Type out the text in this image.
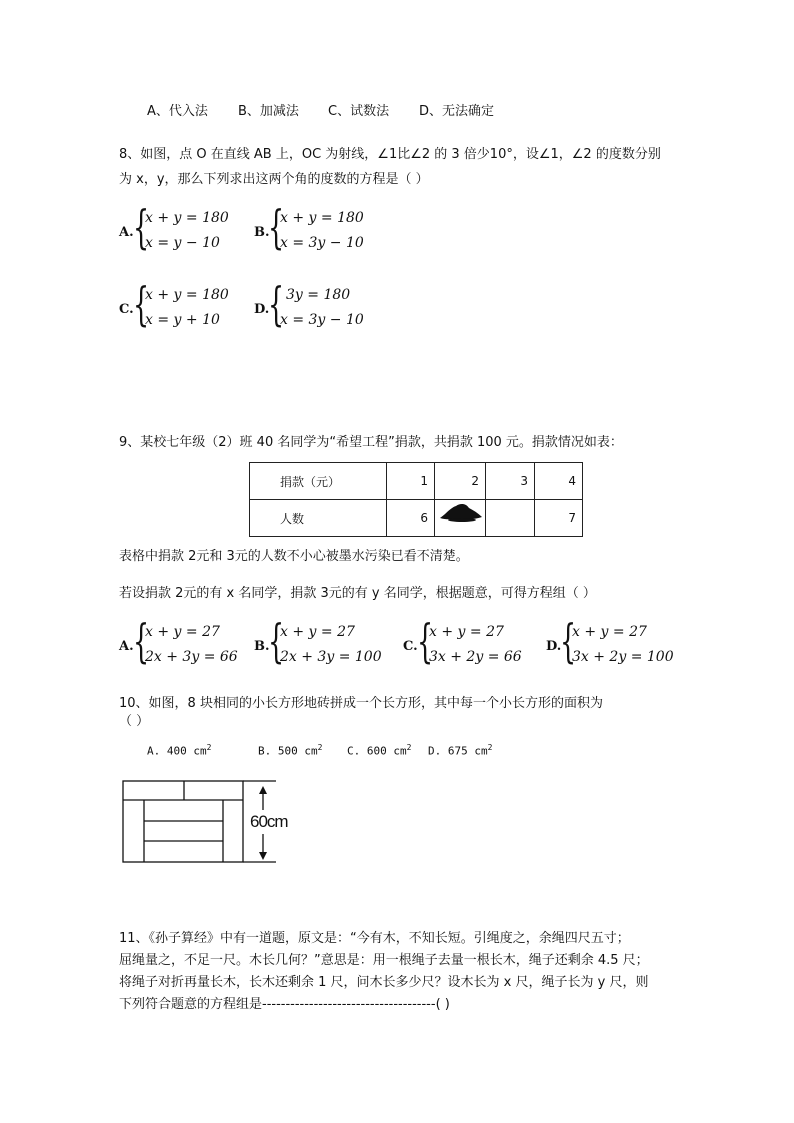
A、代入法 B、加减法 C、试数法 D、无法确定
8、如图，点 O 在直线 AB 上，OC 为射线，∠1比∠2 的 3 倍少10°，设∠1，∠2 的度数分别
为 x，y，那么下列求出这两个角的度数的方程是（ ）
A. {
x + y = 180
x = y − 10
B.
{
x + y = 180
x = 3y − 10
C. {
x + y = 180
x = y + 10
D.
{ 3y = 180
x = 3y − 10
9、某校七年级（2）班 40 名同学为“希望工程”捐款，共捐款 100 元。捐款情况如表：
捐款（元）	1	2	3	4
人数	6			7
表格中捐款 2元和 3元的人数不小心被墨水污染已看不清楚。
若设捐款 2元的有 x 名同学，捐款 3元的有 y 名同学，根据题意，可得方程组（ ）
A. {
x + y = 27
2x + 3y = 66
B.
{
x + y = 27
2x + 3y = 100
C. {
x + y = 27
3x + 2y = 66
D.
{
x + y = 27
3x + 2y = 100
10、如图，8 块相同的小长方形地砖拼成一个长方形，其中每一个小长方形的面积为
（ ）
A. 400 $cm^2$	B. 500 $cm^2$ C. 600 $cm^2$ D. 675 $cm^2$
60cm
11、《孙子算经》中有一道题，原文是：“今有木，不知长短。引绳度之，余绳四尺五寸；
屈绳量之，不足一尺。木长几何？”意思是：用一根绳子去量一根长木，绳子还剩余 4.5 尺；
将绳子对折再量长木，长木还剩余 1 尺，问木长多少尺？设木长为 x 尺，绳子长为 y 尺，则
下列符合题意的方程组是-------------------------------------( )
